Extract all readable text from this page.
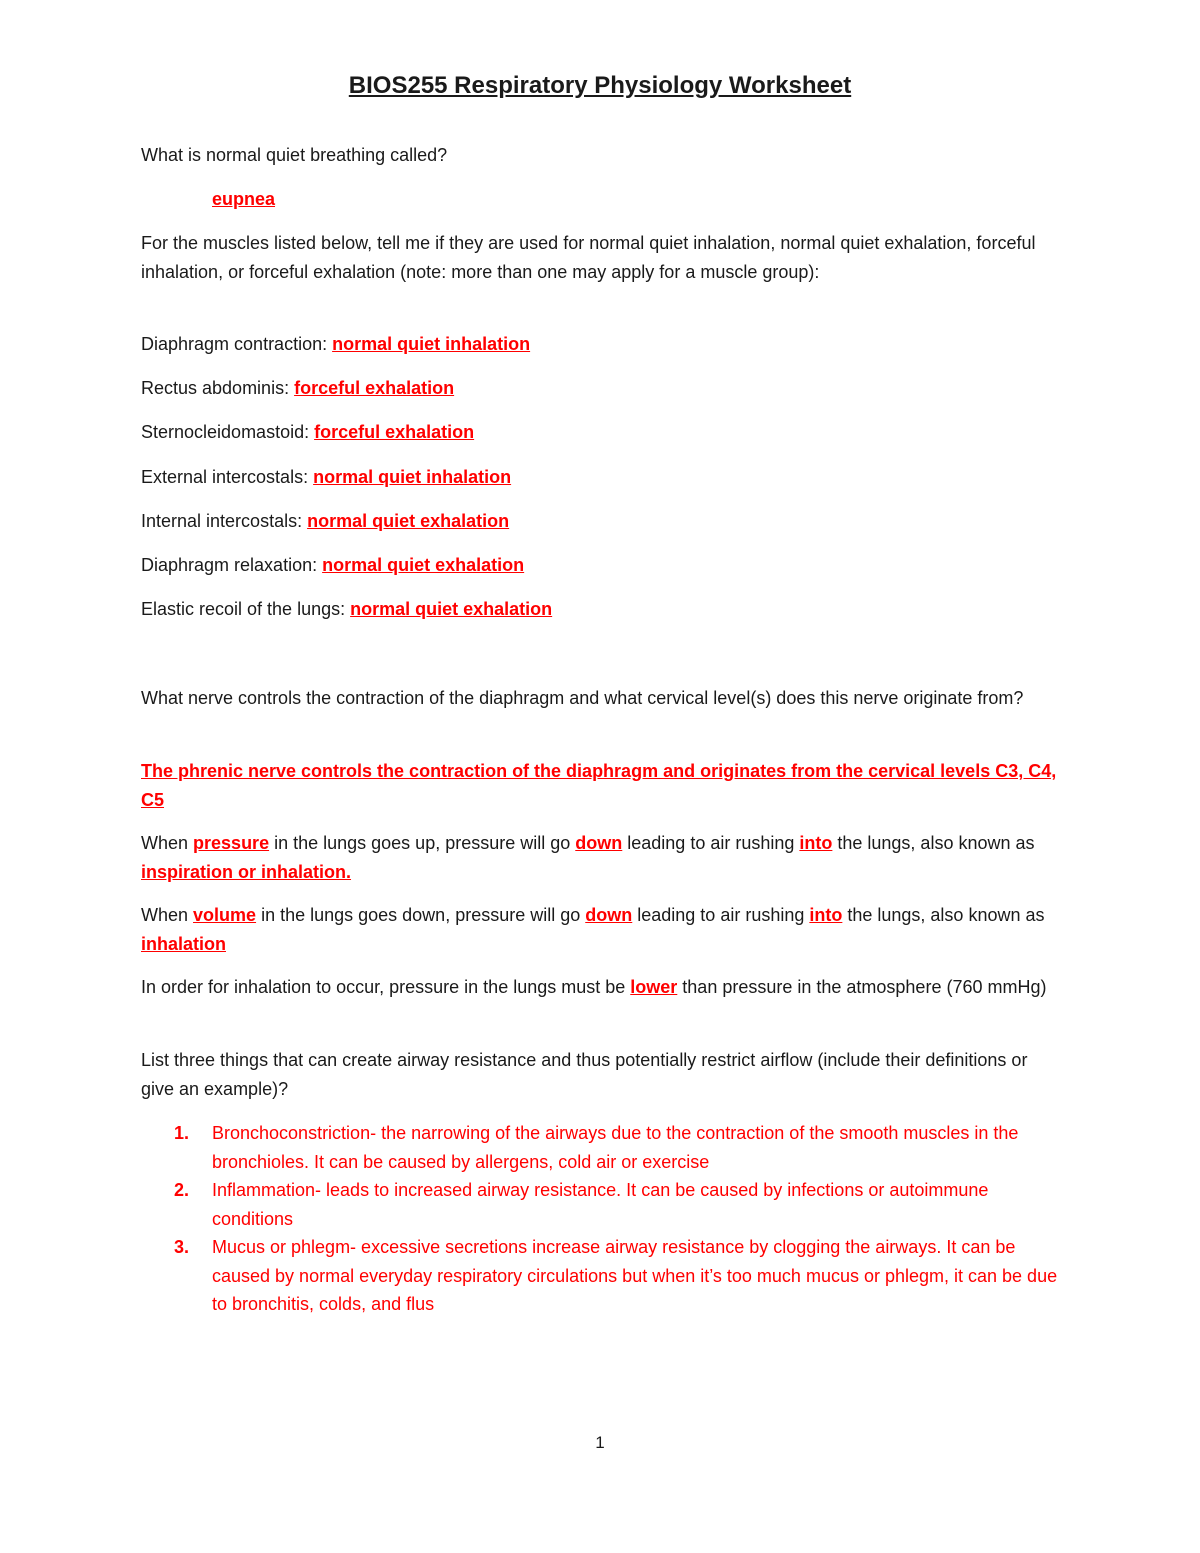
BIOS255 Respiratory Physiology Worksheet

What is normal quiet breathing called?

eupnea

For the muscles listed below, tell me if they are used for normal quiet inhalation, normal quiet exhalation, forceful inhalation, or forceful exhalation (note: more than one may apply for a muscle group):

Diaphragm contraction: normal quiet inhalation

Rectus abdominis: forceful exhalation

Sternocleidomastoid: forceful exhalation

External intercostals: normal quiet inhalation

Internal intercostals: normal quiet exhalation

Diaphragm relaxation: normal quiet exhalation

Elastic recoil of the lungs: normal quiet exhalation

What nerve controls the contraction of the diaphragm and what cervical level(s) does this nerve originate from?

The phrenic nerve controls the contraction of the diaphragm and originates from the cervical levels C3, C4, C5

When pressure in the lungs goes up, pressure will go down leading to air rushing into the lungs, also known as inspiration or inhalation.

When volume in the lungs goes down, pressure will go down leading to air rushing into the lungs, also known as inhalation

In order for inhalation to occur, pressure in the lungs must be lower than pressure in the atmosphere (760 mmHg)

List three things that can create airway resistance and thus potentially restrict airflow (include their definitions or give an example)?

1. Bronchoconstriction- the narrowing of the airways due to the contraction of the smooth muscles in the bronchioles. It can be caused by allergens, cold air or exercise
2. Inflammation- leads to increased airway resistance. It can be caused by infections or autoimmune conditions
3. Mucus or phlegm- excessive secretions increase airway resistance by clogging the airways. It can be caused by normal everyday respiratory circulations but when it’s too much mucus or phlegm, it can be due to bronchitis, colds, and flus

1
